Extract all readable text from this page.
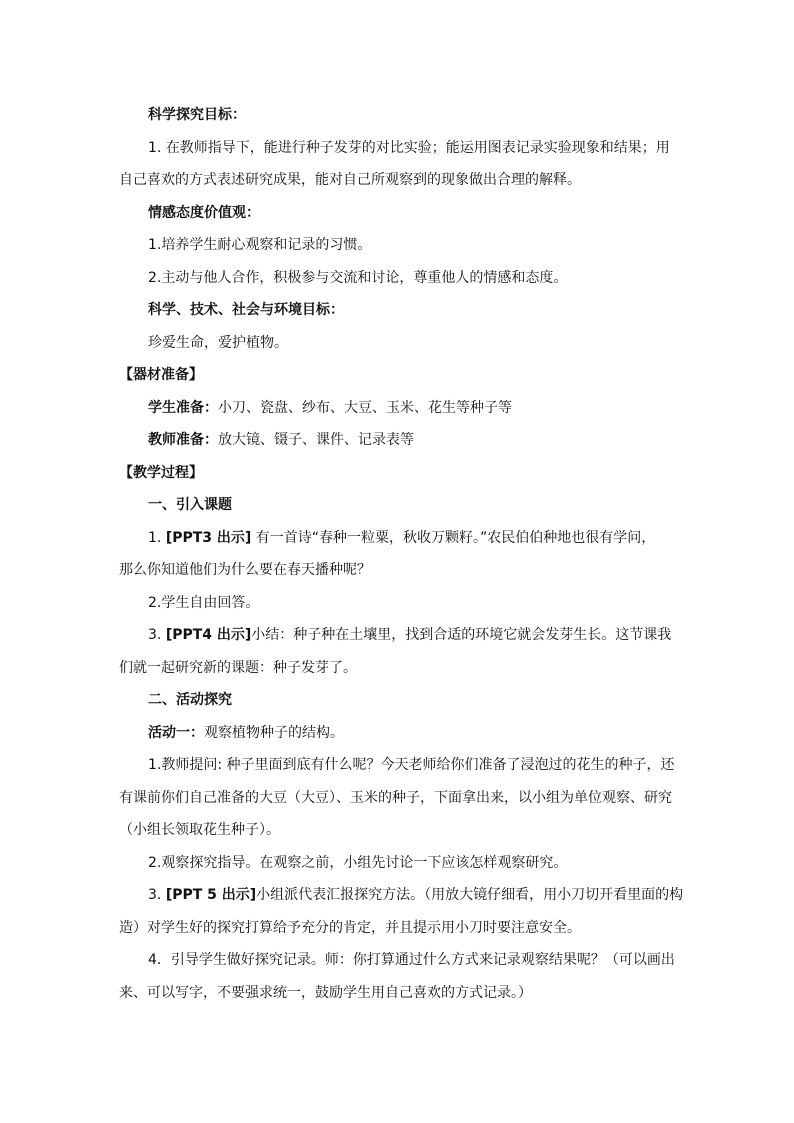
科学探究目标：
1. 在教师指导下，能进行种子发芽的对比实验；能运用图表记录实验现象和结果；用
自己喜欢的方式表述研究成果，能对自己所观察到的现象做出合理的解释。
情感态度价值观：
1.培养学生耐心观察和记录的习惯。
2.主动与他人合作，积极参与交流和讨论，尊重他人的情感和态度。
科学、技术、社会与环境目标：
珍爱生命，爱护植物。
【器材准备】
学生准备：小刀、瓷盘、纱布、大豆、玉米、花生等种子等
教师准备：放大镜、镊子、课件、记录表等
【教学过程】
一、引入课题
1. [PPT3 出示] 有一首诗“春种一粒粟，秋收万颗籽。”农民伯伯种地也很有学问，
那么你知道他们为什么要在春天播种呢？
2.学生自由回答。
3. [PPT4 出示]小结：种子种在土壤里，找到合适的环境它就会发芽生长。这节课我
们就一起研究新的课题：种子发芽了。
二、活动探究
活动一：观察植物种子的结构。
1.教师提问: 种子里面到底有什么呢？今天老师给你们准备了浸泡过的花生的种子，还
有课前你们自己准备的大豆（大豆）、玉米的种子，下面拿出来，以小组为单位观察、研究
（小组长领取花生种子）。
2.观察探究指导。在观察之前，小组先讨论一下应该怎样观察研究。
3. [PPT 5 出示]小组派代表汇报探究方法。（用放大镜仔细看，用小刀切开看里面的构
造）对学生好的探究打算给予充分的肯定，并且提示用小刀时要注意安全。
4．引导学生做好探究记录。师：你打算通过什么方式来记录观察结果呢？（可以画出
来、可以写字，不要强求统一，鼓励学生用自己喜欢的方式记录。）
